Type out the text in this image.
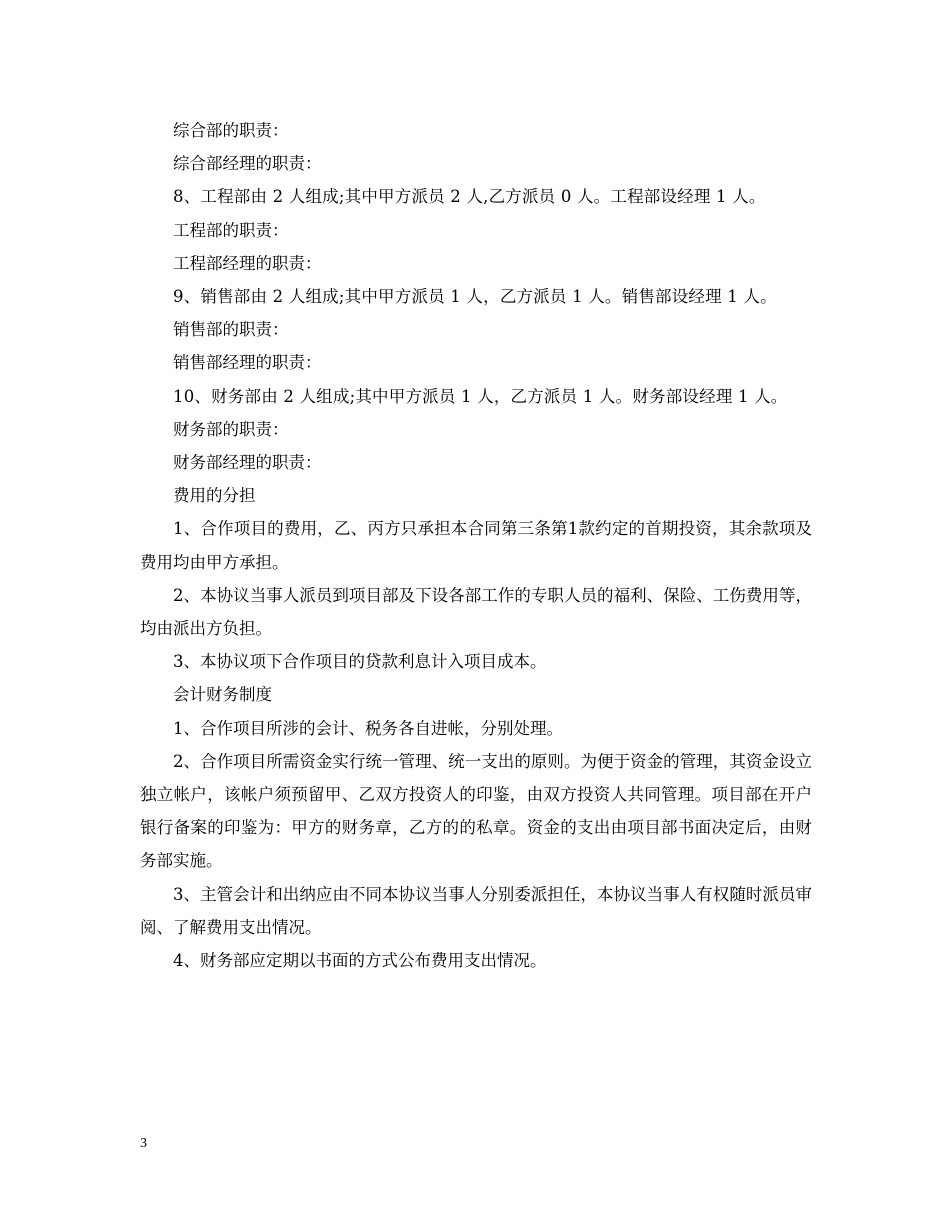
综合部的职责：

综合部经理的职责：

8、工程部由 2 人组成;其中甲方派员 2 人,乙方派员 0 人。工程部设经理 1 人。

工程部的职责：

工程部经理的职责：

9、销售部由 2 人组成;其中甲方派员 1 人，乙方派员 1 人。销售部设经理 1 人。

销售部的职责：

销售部经理的职责：

10、财务部由 2 人组成;其中甲方派员 1 人，乙方派员 1 人。财务部设经理 1 人。

财务部的职责：

财务部经理的职责：

费用的分担

1、合作项目的费用，乙、丙方只承担本合同第三条第1款约定的首期投资，其余款项及费用均由甲方承担。

2、本协议当事人派员到项目部及下设各部工作的专职人员的福利、保险、工伤费用等，均由派出方负担。

3、本协议项下合作项目的贷款利息计入项目成本。

会计财务制度

1、合作项目所涉的会计、税务各自进帐，分别处理。

2、合作项目所需资金实行统一管理、统一支出的原则。为便于资金的管理，其资金设立独立帐户，该帐户须预留甲、乙双方投资人的印鉴，由双方投资人共同管理。项目部在开户银行备案的印鉴为：甲方的财务章，乙方的的私章。资金的支出由项目部书面决定后，由财务部实施。

3、主管会计和出纳应由不同本协议当事人分别委派担任，本协议当事人有权随时派员审阅、了解费用支出情况。

4、财务部应定期以书面的方式公布费用支出情况。

3
